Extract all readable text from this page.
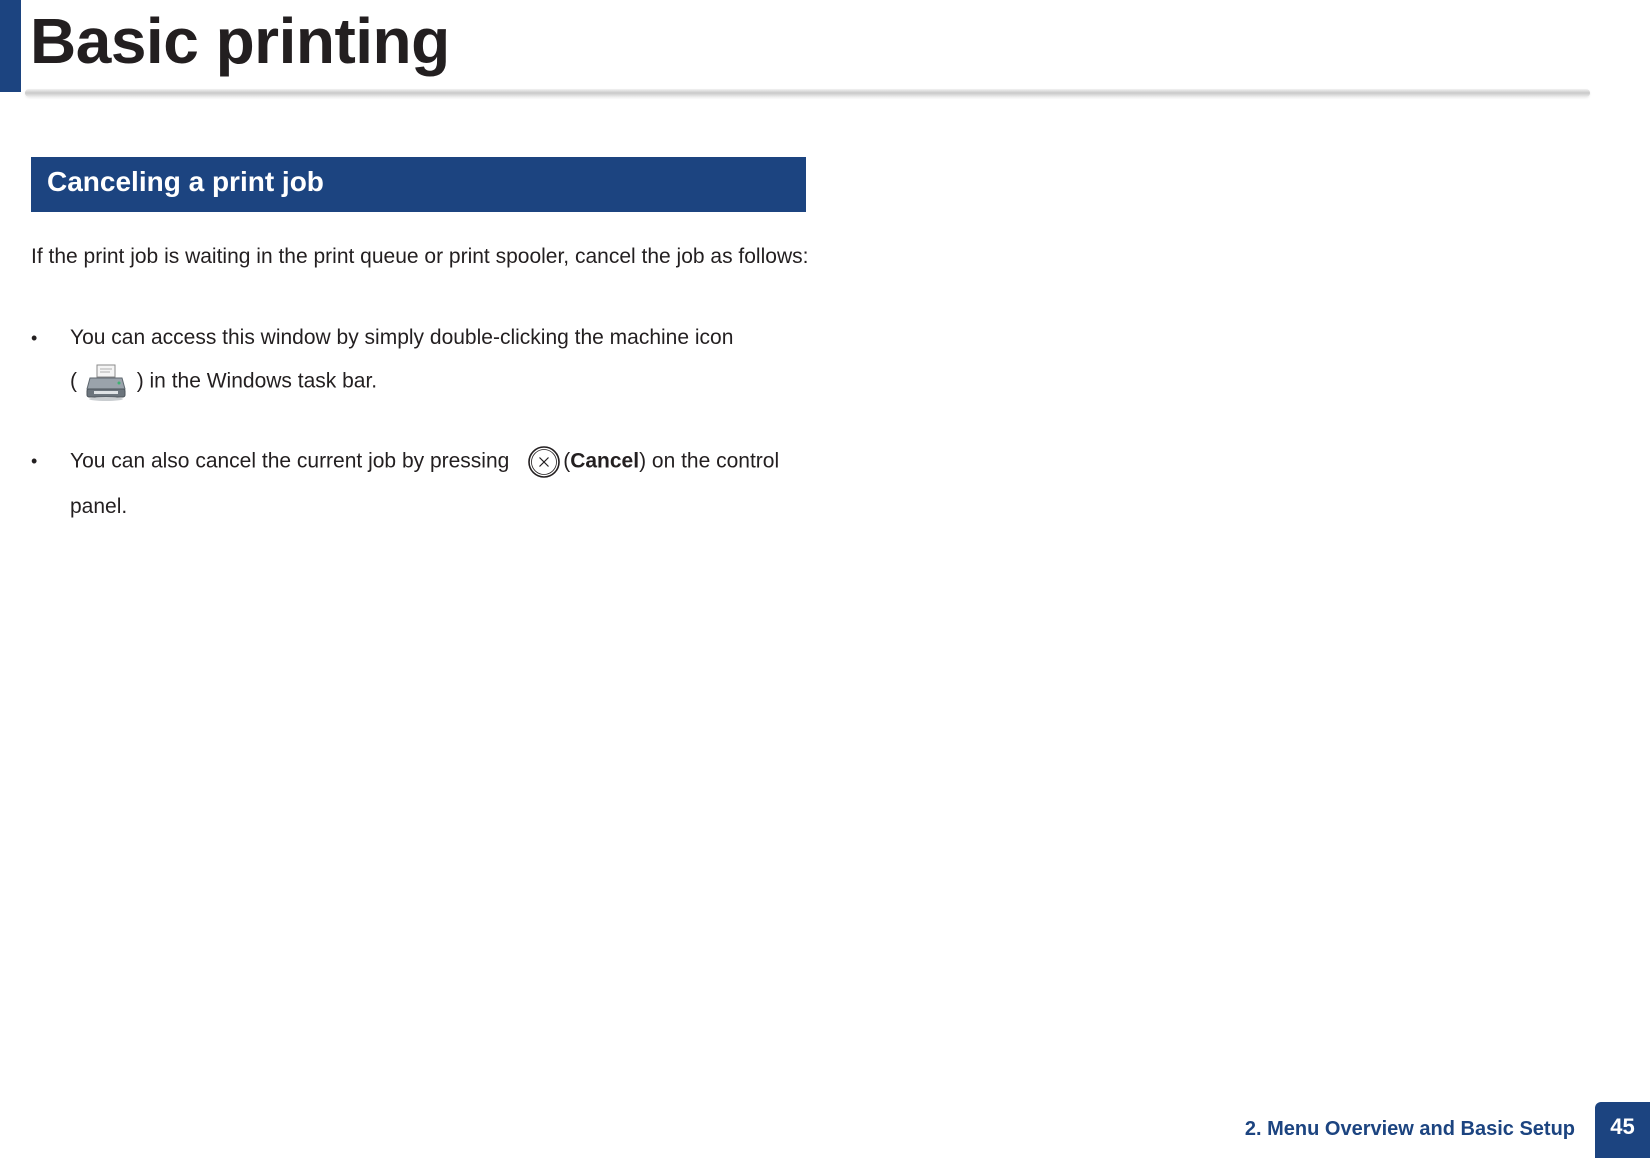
Basic printing
Canceling a print job

If the print job is waiting in the print queue or print spooler, cancel the job as follows:

• You can access this window by simply double-clicking the machine icon
(	) in the Windows task bar.
• You can also cancel the current job by pressing	(Cancel) on the control
panel.
2. Menu Overview and Basic Setup	45
